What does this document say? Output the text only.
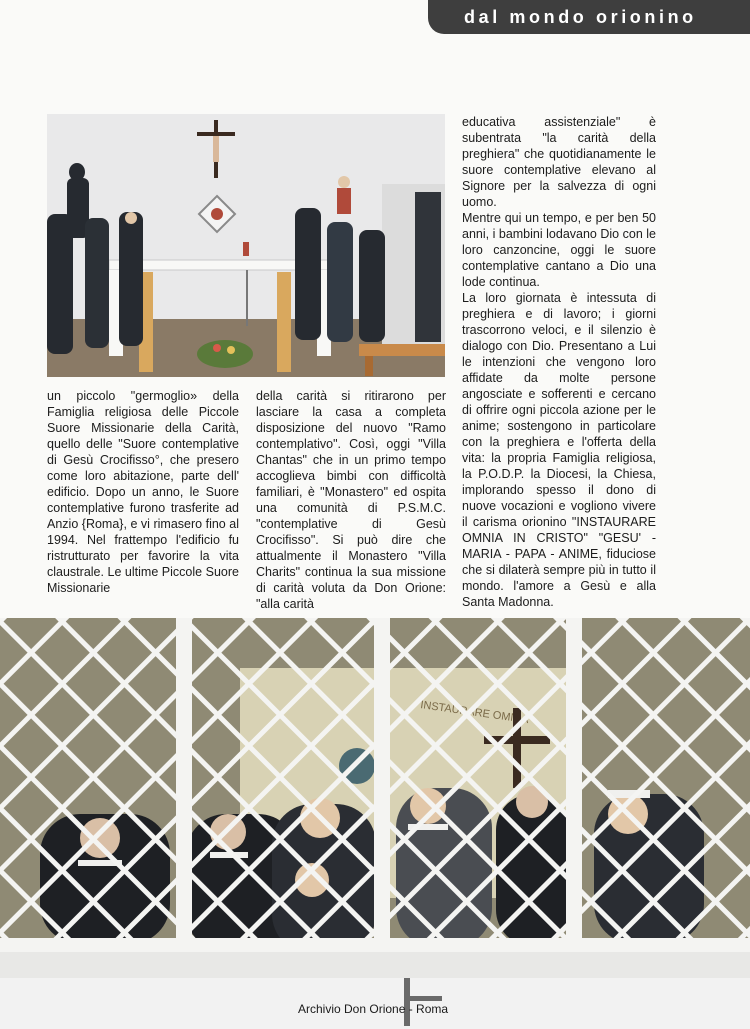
dal mondo orionino

un piccolo "germoglio» della Famiglia religiosa delle Piccole Suore Missionarie della Carità, quello delle "Suore contemplative di Gesù Crocifisso°, che presero come loro abitazione, parte dell' edificio. Dopo un anno, le Suore contemplative furono trasferite ad Anzio {Roma}, e vi rimasero fino al 1994. Nel frattempo l'edificio fu ristrutturato per favorire la vita claustrale. Le ultime Piccole Suore Missionarie

della carità si ritirarono per lasciare la casa a completa disposizione del nuovo "Ramo contemplativo". Così, oggi "Villa Chantas" che in un primo tempo accoglieva bimbi con difficoltà familiari, è "Monastero" ed ospita una comunità di P.S.M.C. "contemplative di Gesù Crocifisso". Si può dire che attualmente il Monastero "Villa Charits" continua la sua missione di carità voluta da Don Orione: "alla carità

educativa assistenziale" è subentrata "la carità della preghiera" che quotidianamente le suore contemplative elevano al Signore per la salvezza di ogni uomo.

Mentre qui un tempo, e per ben 50 anni, i bambini lodavano Dio con le loro canzoncine, oggi le suore contemplative cantano a Dio una lode continua.

La loro giornata è intessuta di preghiera e di lavoro; i giorni trascorrono veloci, e il silenzio è dialogo con Dio. Presentano a Lui le intenzioni che vengono loro affidate da molte persone angosciate e sofferenti e cercano di offrire ogni piccola azione per le anime; sostengono in particolare con la preghiera e l'offerta della vita: la propria Famiglia religiosa, la P.O.D.P. la Diocesi, la Chiesa, implorando spesso il dono di nuove vocazioni e vogliono vivere il carisma orionino "INSTAURARE OMNIA IN CRISTO" "GESU' - MARIA - PAPA - ANIME, fiduciose che si dilaterà sempre più in tutto il mondo. l'amore a Gesù e alla Santa Madonna.

Archivio Don Orione - Roma
